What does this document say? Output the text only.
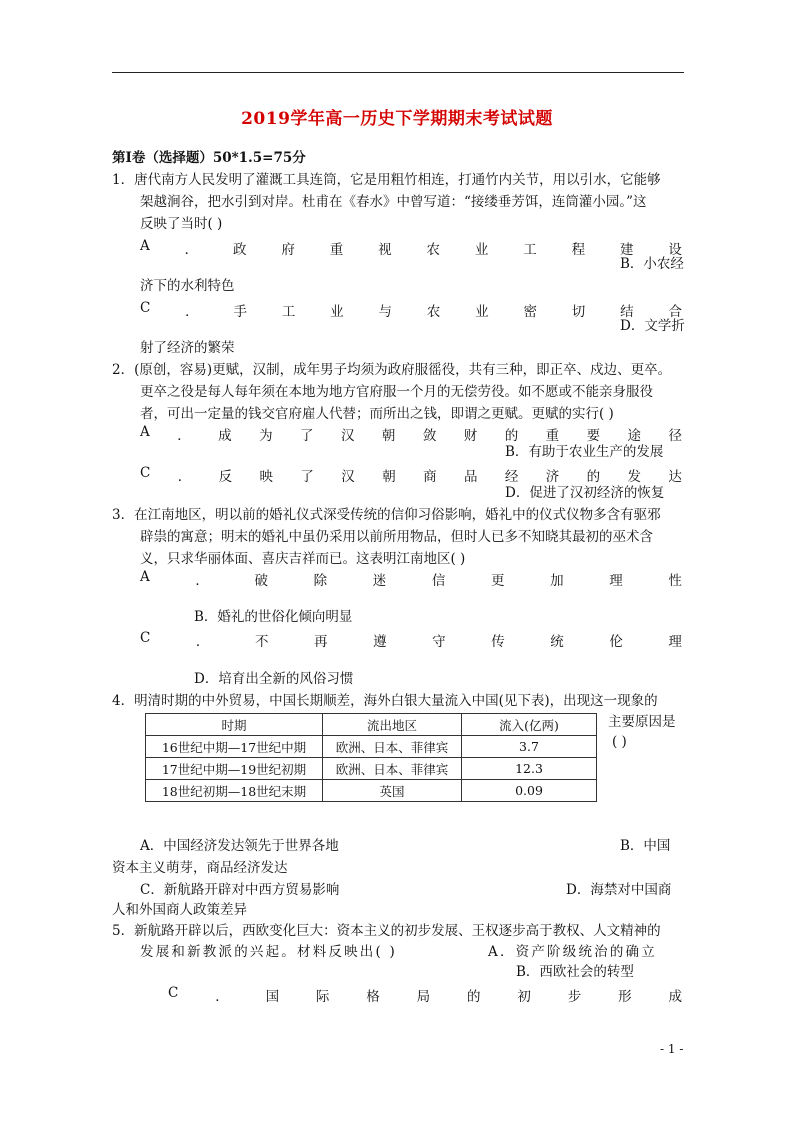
2019学年高一历史下学期期末考试试题
第Ⅰ卷（选择题）50*1.5=75分
1．唐代南方人民发明了灌溉工具连筒，它是用粗竹相连，打通竹内关节，用以引水，它能够
架越涧谷，把水引到对岸。杜甫在《春水》中曾写道：“接缕垂芳饵，连筒灌小园。”这
反映了当时( )
A	．	政	府	重	视	农	业	工	程	建	设
B．小农经
济下的水利特色
C	．	手	工	业	与	农	业	密	切	结	合
D．文学折
射了经济的繁荣
2．(原创，容易)更赋，汉制，成年男子均须为政府服徭役，共有三种，即正卒、戍边、更卒。
更卒之役是每人每年须在本地为地方官府服一个月的无偿劳役。如不愿或不能亲身服役
者，可出一定量的钱交官府雇人代替；而所出之钱，即谓之更赋。更赋的实行( )
A ． 成 为 了 汉 朝 敛 财 的 重 要 途 径
B．有助于农业生产的发展
C ． 反 映 了 汉 朝 商 品 经 济 的 发 达
D．促进了汉初经济的恢复
3．在江南地区，明以前的婚礼仪式深受传统的信仰习俗影响，婚礼中的仪式仪物多含有驱邪
辟祟的寓意；明末的婚礼中虽仍采用以前所用物品，但时人已多不知晓其最初的巫术含
义，只求华丽体面、喜庆吉祥而已。这表明江南地区( )
A	．	破	除	迷	信	更	加	理	性
B．婚礼的世俗化倾向明显
C	．	不	再	遵	守	传	统	伦	理
D．培育出全新的风俗习惯
4．明清时期的中外贸易，中国长期顺差，海外白银大量流入中国(见下表)，出现这一现象的
时期	流出地区	流入(亿两)
16世纪中期—17世纪中期	欧洲、日本、菲律宾	3.7
17世纪中期—19世纪初期	欧洲、日本、菲律宾	12.3
18世纪初期—18世纪末期	英国	0.09
主要原因是
( )
A．中国经济发达领先于世界各地	B．中国
资本主义萌芽，商品经济发达
C．新航路开辟对中西方贸易影响	D．海禁对中国商
人和外国商人政策差异
5．新航路开辟以后，西欧变化巨大：资本主义的初步发展、王权逐步高于教权、人文精神的
发展和新教派的兴起。材料反映出( )	A．资产阶级统治的确立
B．西欧社会的转型
C	．	国	际	格	局	的	初	步	形	成
- 1 -
